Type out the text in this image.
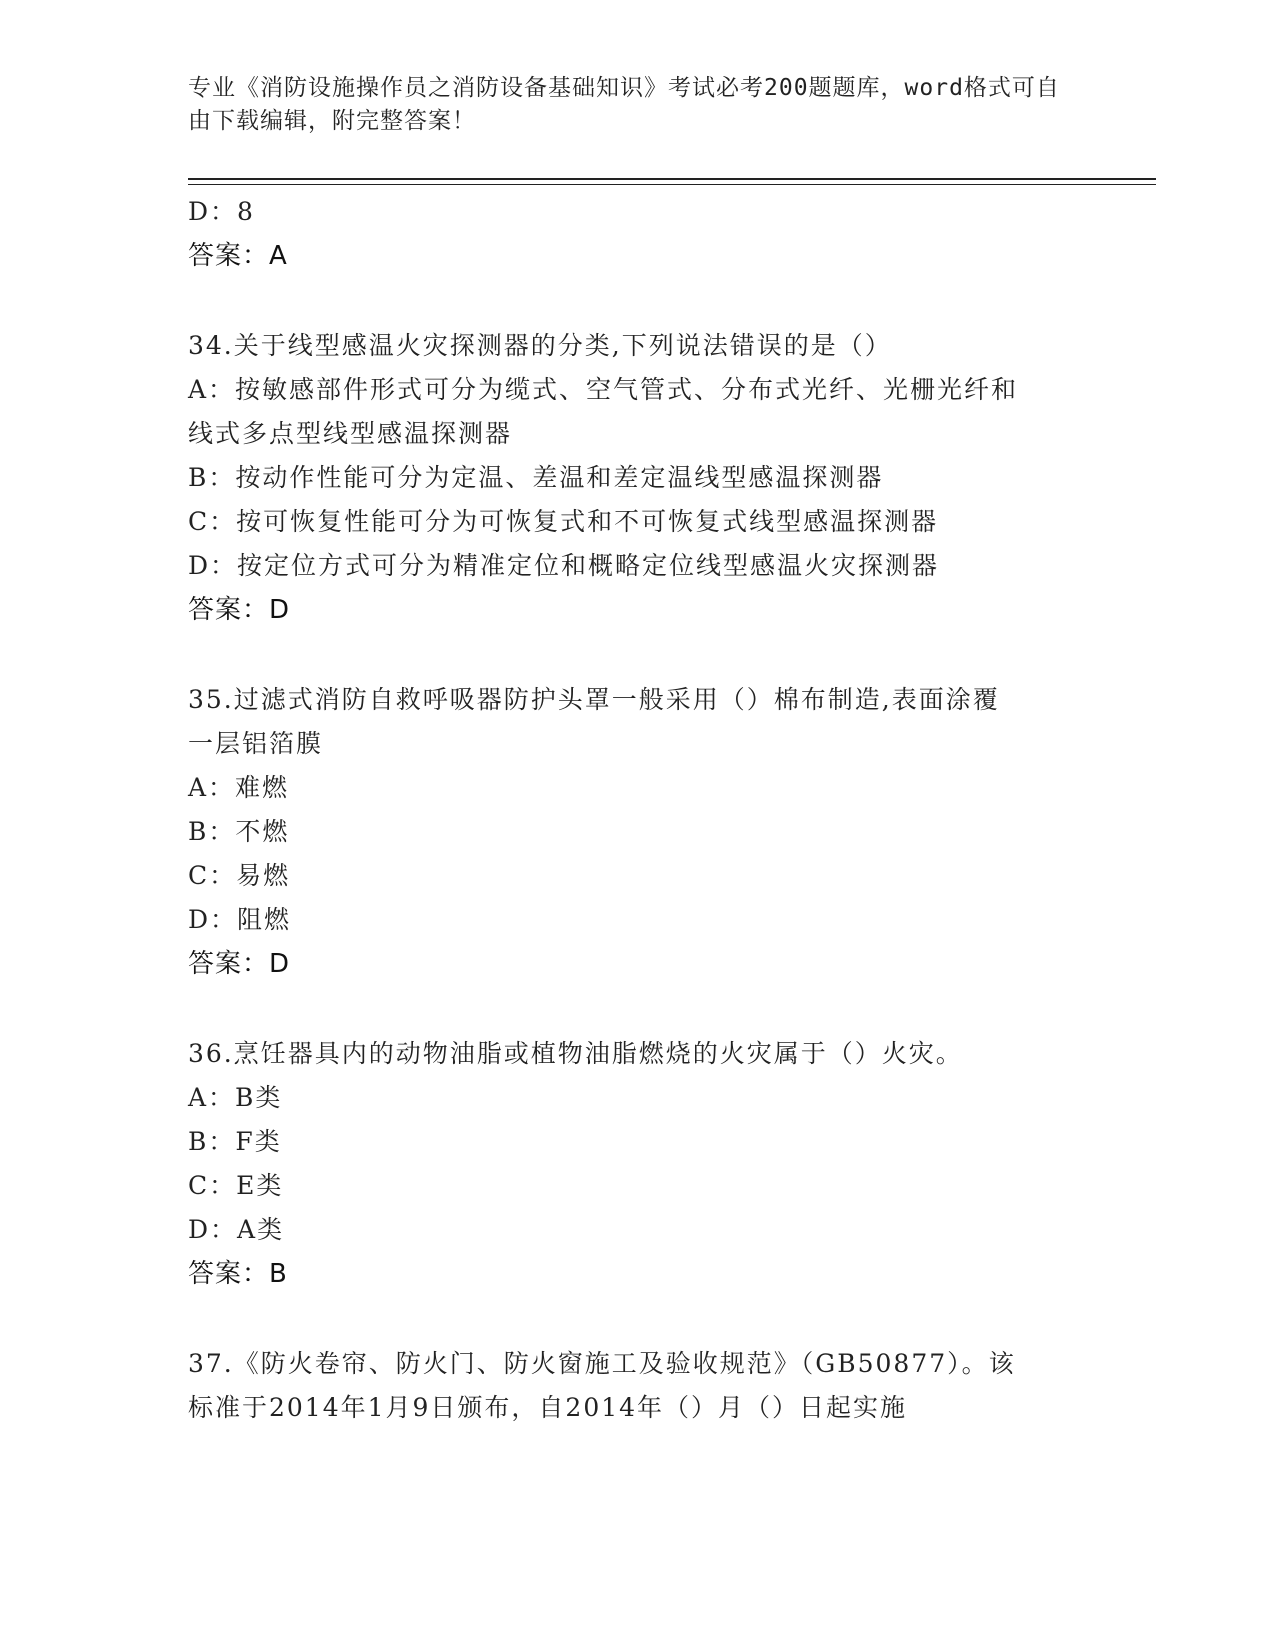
专业《消防设施操作员之消防设备基础知识》考试必考200题题库，word格式可自由下载编辑，附完整答案！
D：8
答案：A
34.关于线型感温火灾探测器的分类,下列说法错误的是（）
A：按敏感部件形式可分为缆式、空气管式、分布式光纤、光栅光纤和
线式多点型线型感温探测器
B：按动作性能可分为定温、差温和差定温线型感温探测器
C：按可恢复性能可分为可恢复式和不可恢复式线型感温探测器
D：按定位方式可分为精准定位和概略定位线型感温火灾探测器
答案：D
35.过滤式消防自救呼吸器防护头罩一般采用（）棉布制造,表面涂覆
一层铝箔膜
A：难燃
B：不燃
C：易燃
D：阻燃
答案：D
36.烹饪器具内的动物油脂或植物油脂燃烧的火灾属于（）火灾。
A：B类
B：F类
C：E类
D：A类
答案：B
37.《防火卷帘、防火门、防火窗施工及验收规范》（GB50877）。该
标准于2014年1月9日颁布，自2014年（）月（）日起实施
